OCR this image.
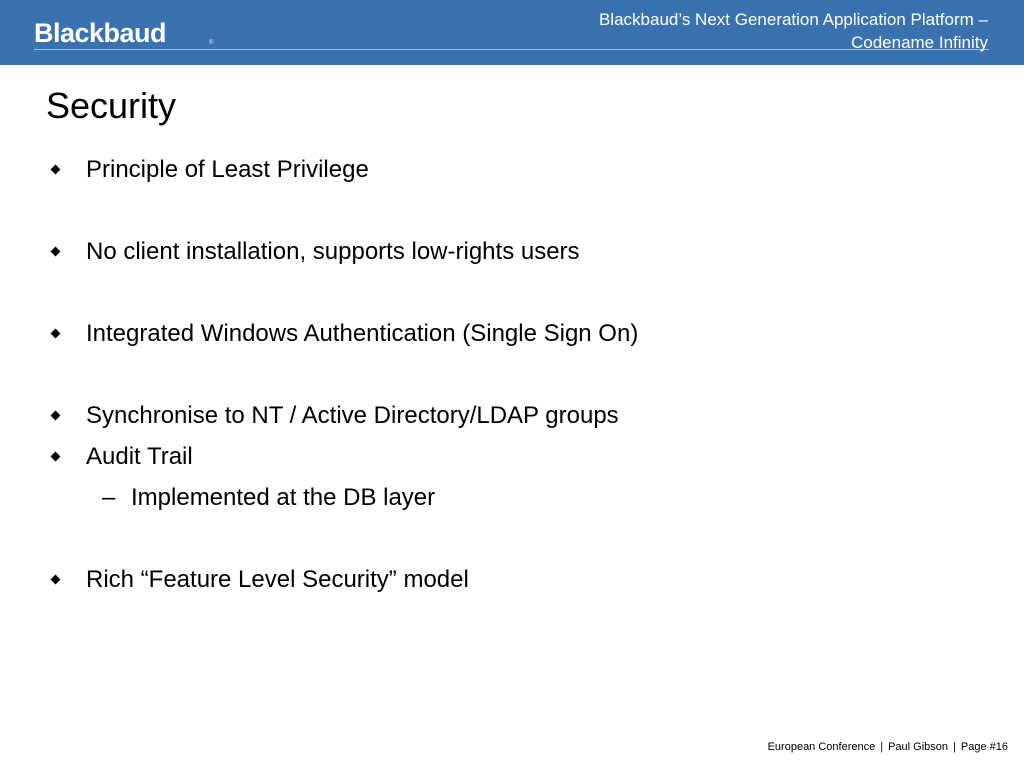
Blackbaud	®
Blackbaud’s Next Generation Application Platform –
Codename Infinity
Security
Principle of Least Privilege
No client installation, supports low-rights users
Integrated Windows Authentication (Single Sign On)
Synchronise to NT / Active Directory/LDAP groups
Audit Trail
– Implemented at the DB layer
Rich “Feature Level Security” model
European Conference | Paul Gibson | Page #16
